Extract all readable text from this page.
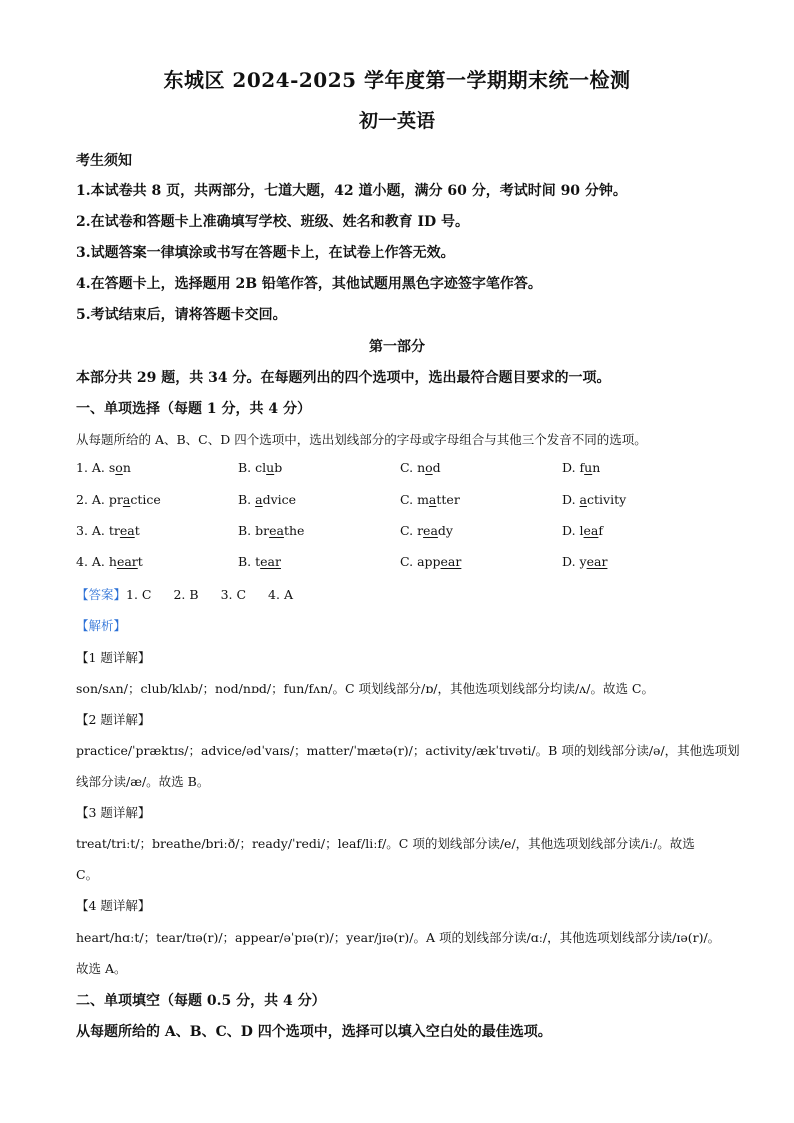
东城区 2024-2025 学年度第一学期期末统一检测
初一英语
考生须知
1.本试卷共 8 页，共两部分，七道大题，42 道小题，满分 60 分，考试时间 90 分钟。
2.在试卷和答题卡上准确填写学校、班级、姓名和教育 ID 号。
3.试题答案一律填涂或书写在答题卡上，在试卷上作答无效。
4.在答题卡上，选择题用 2B 铅笔作答，其他试题用黑色字迹签字笔作答。
5.考试结束后，请将答题卡交回。
第一部分
本部分共 29 题，共 34 分。在每题列出的四个选项中，选出最符合题目要求的一项。
一、单项选择（每题 1 分，共 4 分）
从每题所给的 A、B、C、D 四个选项中，选出划线部分的字母或字母组合与其他三个发音不同的选项。
1. A. son	B. club	C. nod	D. fun
2. A. practice	B. advice	C. matter	D. activity
3. A. treat	B. breathe	C. ready	D. leaf
4. A. heart	B. tear	C. appear	D. year
【答案】1. C 2. B 3. C 4. A
【解析】
【1 题详解】
son/sʌn/；club/klʌb/；nod/nɒd/；fun/fʌn/。C 项划线部分/ɒ/，其他选项划线部分均读/ʌ/。故选 C。
【2 题详解】
practice/ˈpræktɪs/；advice/ədˈvaɪs/；matter/ˈmætə(r)/；activity/ækˈtɪvəti/。B 项的划线部分读/ə/，其他选项划
线部分读/æ/。故选 B。
【3 题详解】
treat/triːt/；breathe/briːð/；ready/ˈredi/；leaf/liːf/。C 项的划线部分读/e/，其他选项划线部分读/iː/。故选
C。
【4 题详解】
heart/hɑːt/；tear/tɪə(r)/；appear/əˈpɪə(r)/；year/jɪə(r)/。A 项的划线部分读/ɑː/，其他选项划线部分读/ɪə(r)/。
故选 A。
二、单项填空（每题 0.5 分，共 4 分）
从每题所给的 A、B、C、D 四个选项中，选择可以填入空白处的最佳选项。
